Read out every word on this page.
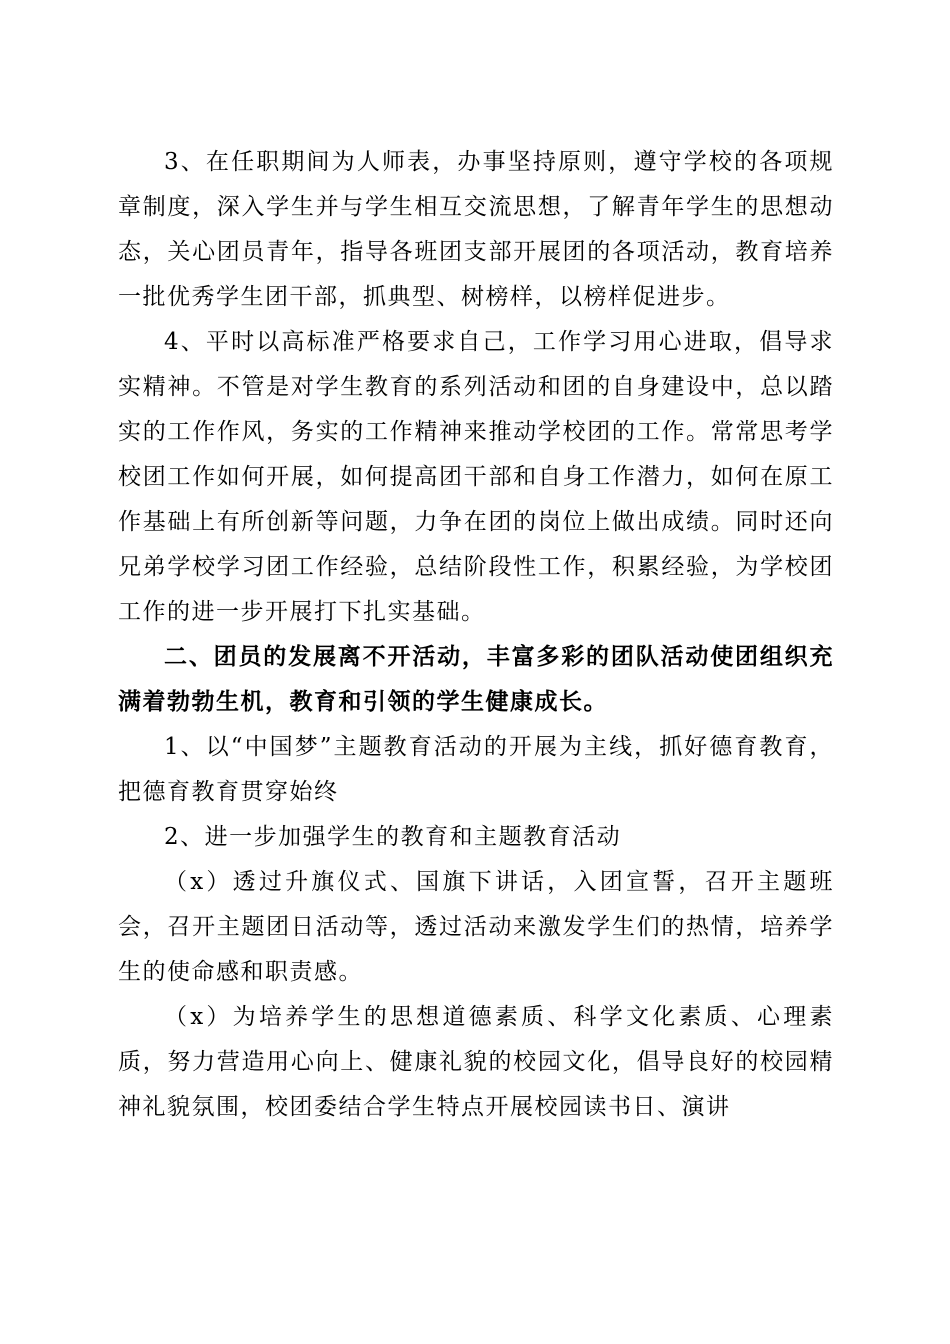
3、在任职期间为人师表，办事坚持原则，遵守学校的各项规章制度，深入学生并与学生相互交流思想，了解青年学生的思想动态，关心团员青年，指导各班团支部开展团的各项活动，教育培养一批优秀学生团干部，抓典型、树榜样，以榜样促进步。

4、平时以高标准严格要求自己，工作学习用心进取，倡导求实精神。不管是对学生教育的系列活动和团的自身建设中，总以踏实的工作作风，务实的工作精神来推动学校团的工作。常常思考学校团工作如何开展，如何提高团干部和自身工作潜力，如何在原工作基础上有所创新等问题，力争在团的岗位上做出成绩。同时还向兄弟学校学习团工作经验，总结阶段性工作，积累经验，为学校团工作的进一步开展打下扎实基础。

二、团员的发展离不开活动，丰富多彩的团队活动使团组织充满着勃勃生机，教育和引领的学生健康成长。

1、以“中国梦”主题教育活动的开展为主线，抓好德育教育，把德育教育贯穿始终

2、进一步加强学生的教育和主题教育活动

（x）透过升旗仪式、国旗下讲话，入团宣誓，召开主题班会，召开主题团日活动等，透过活动来激发学生们的热情，培养学生的使命感和职责感。

（x）为培养学生的思想道德素质、科学文化素质、心理素质，努力营造用心向上、健康礼貌的校园文化，倡导良好的校园精神礼貌氛围，校团委结合学生特点开展校园读书日、演讲
